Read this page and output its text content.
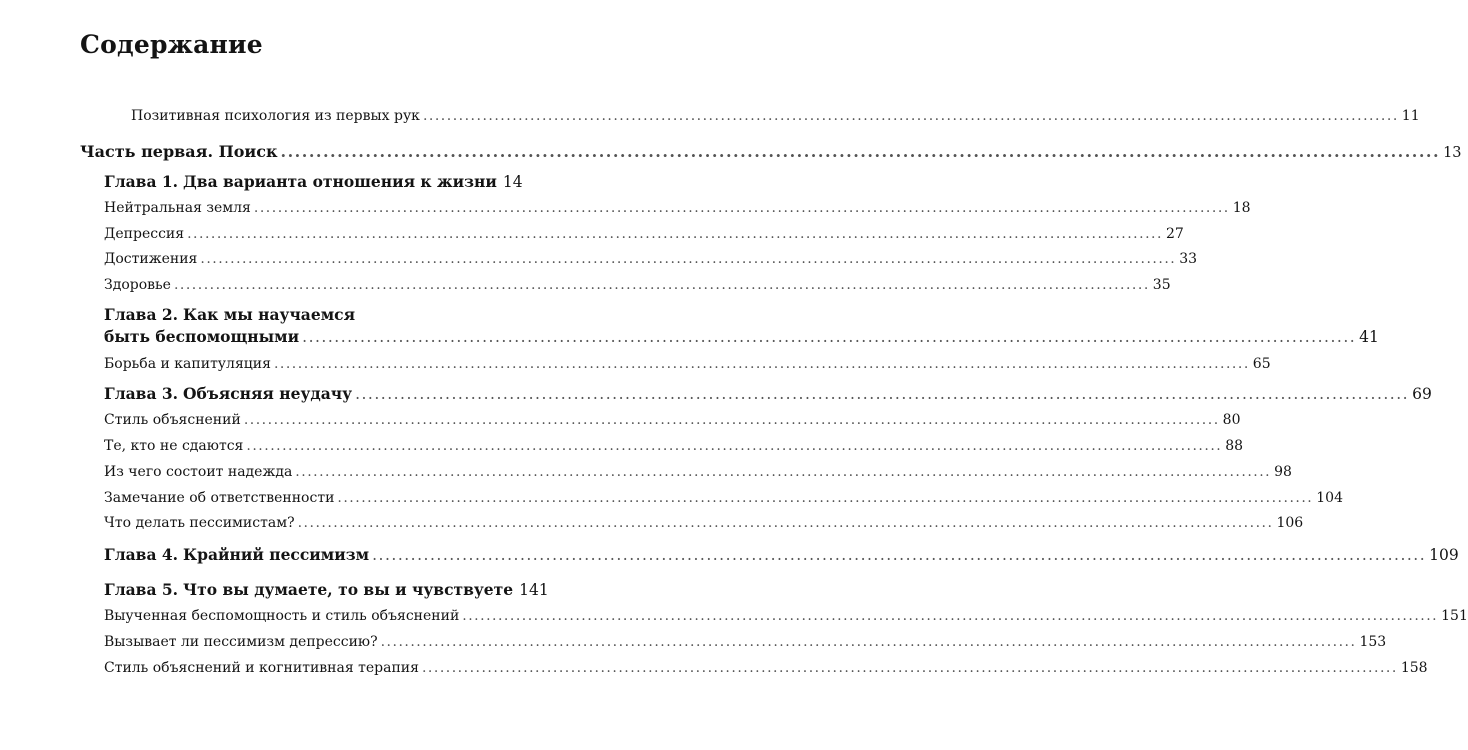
Содержание
Позитивная психология из первых рук .....	11
Часть первая. Поиск .....	13
Глава 1. Два варианта отношения к жизни 14
Нейтральная земля .....	18
Депрессия .....	27
Достижения .....	33
Здоровье .....	35
Глава 2. Как мы научаемся
быть беспомощными .....	41
Борьба и капитуляция .....	65
Глава 3. Объясняя неудачу .....	69
Стиль объяснений .....	80
Те, кто не сдаются .....	88
Из чего состоит надежда .....	98
Замечание об ответственности .....	104
Что делать пессимистам? .....	106
Глава 4. Крайний пессимизм .....	109
Глава 5. Что вы думаете, то вы и чувствуете 141
Выученная беспомощность и стиль объяснений .....	151
Вызывает ли пессимизм депрессию? .....	153
Стиль объяснений и когнитивная терапия .....	158
